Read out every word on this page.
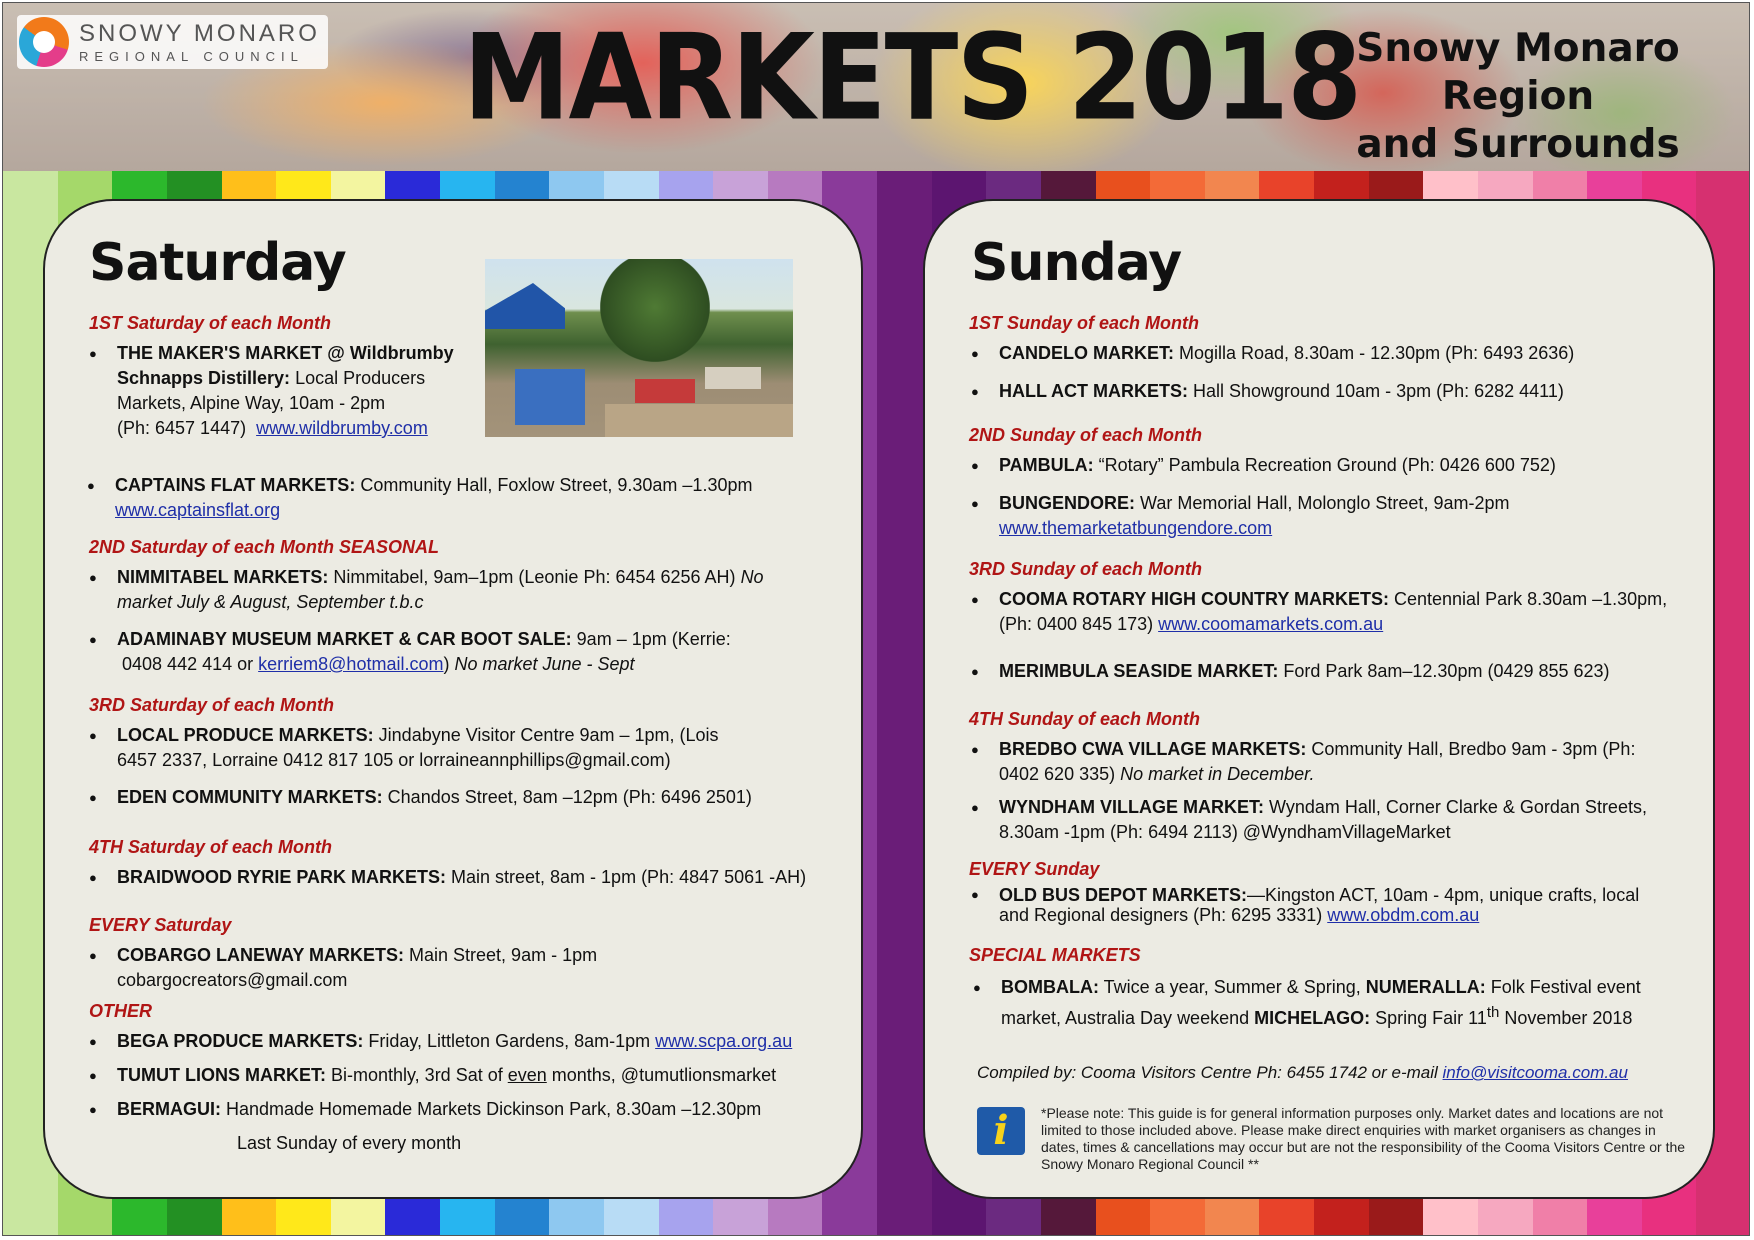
SNOWY MONARO
REGIONAL COUNCIL MARKETS 2018
Snowy Monaro
Region
and Surrounds
Saturday
1ST Saturday of each Month
● THE MAKER'S MARKET @ Wildbrumby
Schnapps Distillery: Local Producers
Markets, Alpine Way, 10am - 2pm
(Ph: 6457 1447) www.wildbrumby.com
● CAPTAINS FLAT MARKETS: Community Hall, Foxlow Street, 9.30am –1.30pm
www.captainsflat.org
2ND Saturday of each Month SEASONAL
● NIMMITABEL MARKETS: Nimmitabel, 9am–1pm (Leonie Ph: 6454 6256 AH) No
market July & August, September t.b.c
● ADAMINABY MUSEUM MARKET & CAR BOOT SALE: 9am – 1pm (Kerrie:
0408 442 414 or kerriem8@hotmail.com) No market June - Sept
3RD Saturday of each Month
● LOCAL PRODUCE MARKETS: Jindabyne Visitor Centre 9am – 1pm, (Lois
6457 2337, Lorraine 0412 817 105 or lorraineannphillips@gmail.com)
● EDEN COMMUNITY MARKETS: Chandos Street, 8am –12pm (Ph: 6496 2501)
4TH Saturday of each Month
● BRAIDWOOD RYRIE PARK MARKETS: Main street, 8am - 1pm (Ph: 4847 5061 -AH)
EVERY Saturday
● COBARGO LANEWAY MARKETS: Main Street, 9am - 1pm
cobargocreators@gmail.com
OTHER
● BEGA PRODUCE MARKETS: Friday, Littleton Gardens, 8am-1pm www.scpa.org.au
● TUMUT LIONS MARKET: Bi-monthly, 3rd Sat of even months, @tumutlionsmarket
● BERMAGUI: Handmade Homemade Markets Dickinson Park, 8.30am –12.30pm
Last Sunday of every month
Sunday
1ST Sunday of each Month
● CANDELO MARKET: Mogilla Road, 8.30am - 12.30pm (Ph: 6493 2636)
● HALL ACT MARKETS: Hall Showground 10am - 3pm (Ph: 6282 4411)
2ND Sunday of each Month
● PAMBULA: “Rotary” Pambula Recreation Ground (Ph: 0426 600 752)
● BUNGENDORE: War Memorial Hall, Molonglo Street, 9am-2pm
www.themarketatbungendore.com
3RD Sunday of each Month
● COOMA ROTARY HIGH COUNTRY MARKETS: Centennial Park 8.30am –1.30pm,
(Ph: 0400 845 173) www.coomamarkets.com.au
● MERIMBULA SEASIDE MARKET: Ford Park 8am–12.30pm (0429 855 623)
4TH Sunday of each Month
● BREDBO CWA VILLAGE MARKETS: Community Hall, Bredbo 9am - 3pm (Ph:
0402 620 335) No market in December.
● WYNDHAM VILLAGE MARKET: Wyndam Hall, Corner Clarke & Gordan Streets,
8.30am -1pm (Ph: 6494 2113) @WyndhamVillageMarket
EVERY Sunday
● OLD BUS DEPOT MARKETS:—Kingston ACT, 10am - 4pm, unique crafts, local
and Regional designers (Ph: 6295 3331) www.obdm.com.au
SPECIAL MARKETS
● BOMBALA: Twice a year, Summer & Spring, NUMERALLA: Folk Festival event
market, Australia Day weekend MICHELAGO: Spring Fair 11th November 2018
Compiled by: Cooma Visitors Centre Ph: 6455 1742 or e-mail info@visitcooma.com.au
i *Please note: This guide is for general information purposes only. Market dates and locations are not limited to those included above. Please make direct enquiries with market organisers as changes in dates, times & cancellations may occur but are not the responsibility of the Cooma Visitors Centre or the Snowy Monaro Regional Council **
